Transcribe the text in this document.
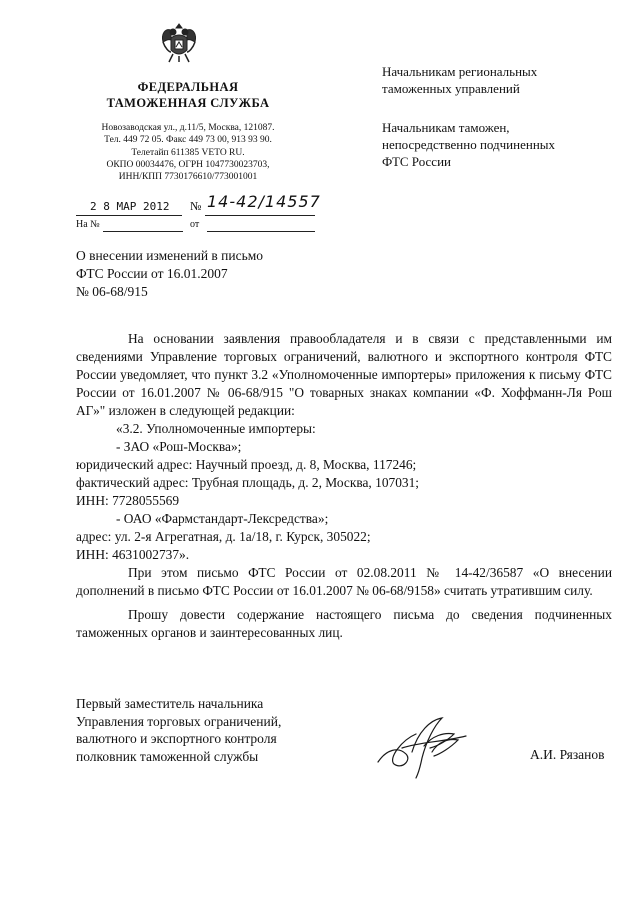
ФЕДЕРАЛЬНАЯ
ТАМОЖЕННАЯ СЛУЖБА
Новозаводская ул., д.11/5, Москва, 121087.
Тел. 449 72 05. Факс 449 73 00, 913 93 90.
Телетайп 611385 VETO RU.
ОКПО 00034476, ОГРН 1047730023703,
ИНН/КПП 7730176610/773001001
2 8 МАР 2012 № 14-42/14557
На №	от
Начальникам региональных
таможенных управлений
Начальникам таможен,
непосредственно подчиненных
ФТС России
О внесении изменений в письмо
ФТС России от 16.01.2007
№ 06-68/915

На основании заявления правообладателя и в связи с представленными им сведениями Управление торговых ограничений, валютного и экспортного контроля ФТС России уведомляет, что пункт 3.2 «Уполномоченные импортеры» приложения к письму ФТС России от 16.01.2007 № 06-68/915 "О товарных знаках компании «Ф. Хоффманн-Ля Рош АГ»" изложен в следующей редакции:

«3.2. Уполномоченные импортеры:

- ЗАО «Рош-Москва»;

юридический адрес: Научный проезд, д. 8, Москва, 117246;

фактический адрес: Трубная площадь, д. 2, Москва, 107031;

ИНН: 7728055569

- ОАО «Фармстандарт-Лексредства»;

адрес: ул. 2-я Агрегатная, д. 1а/18, г. Курск, 305022;

ИНН: 4631002737».

При этом письмо ФТС России от 02.08.2011 № 14-42/36587 «О внесении дополнений в письмо ФТС России от 16.01.2007 № 06-68/9158» считать утратившим силу.

Прошу довести содержание настоящего письма до сведения подчиненных таможенных органов и заинтересованных лиц.

Первый заместитель начальника
Управления торговых ограничений,
валютного и экспортного контроля
полковник таможенной службы	А.И. Рязанов
